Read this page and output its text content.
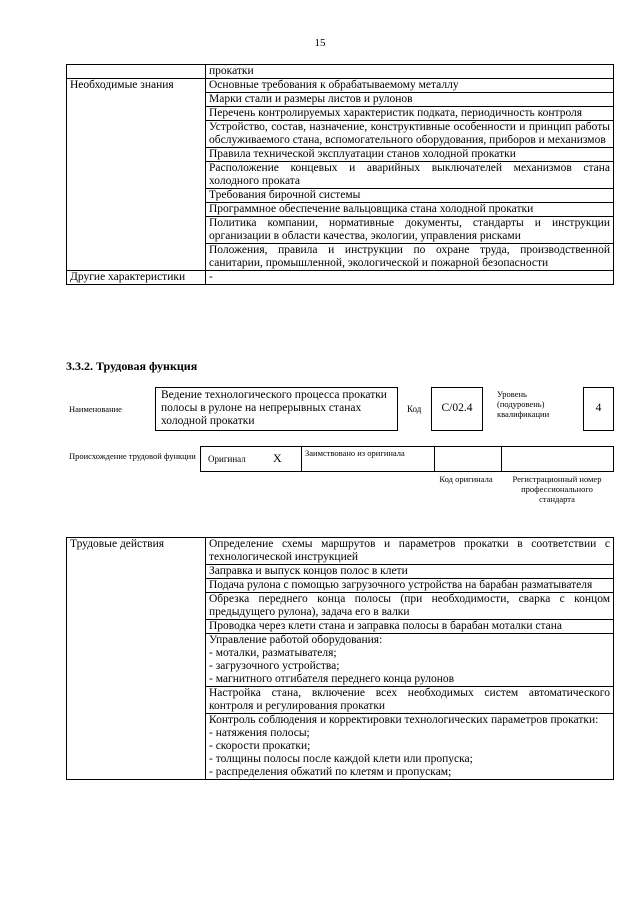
15
	прокатки
Необходимые знания	Основные требования к обрабатываемому металлу
	Марки стали и размеры листов и рулонов
	Перечень контролируемых характеристик подката, периодичность контроля
	Устройство, состав, назначение, конструктивные особенности и принцип работы обслуживаемого стана, вспомогательного оборудования, приборов и механизмов
	Правила технической эксплуатации станов холодной прокатки
	Расположение концевых и аварийных выключателей механизмов стана холодного проката
	Требования бирочной системы
	Программное обеспечение вальцовщика стана холодной прокатки
	Политика компании, нормативные документы, стандарты и инструкции организации в области качества, экологии, управления рисками
	Положения, правила и инструкции по охране труда, производственной санитарии, промышленной, экологической и пожарной безопасности
Другие характеристики	-
3.3.2. Трудовая функция
Наименование
Ведение технологического процесса прокатки полосы в рулоне на непрерывных станах холодной прокатки
Код	C/02.4
Уровень (подуровень) квалификации	4
Происхождение трудовой функции Оригинал X	Заимствовано из оригинала
Код оригинала	Регистрационный номер профессионального стандарта
Трудовые действия	Определение схемы маршрутов и параметров прокатки в соответствии с технологической инструкцией
Заправка и выпуск концов полос в клети
Подача рулона с помощью загрузочного устройства на барабан разматывателя
Обрезка переднего конца полосы (при необходимости, сварка с концом предыдущего рулона), задача его в валки
Проводка через клети стана и заправка полосы в барабан моталки стана
Управление работой оборудования:
- моталки, разматывателя;
- загрузочного устройства;
- магнитного отгибателя переднего конца рулонов
Настройка стана, включение всех необходимых систем автоматического контроля и регулирования прокатки
Контроль соблюдения и корректировки технологических параметров прокатки:
- натяжения полосы;
- скорости прокатки;
- толщины полосы после каждой клети или пропуска;
- распределения обжатий по клетям и пропускам;
